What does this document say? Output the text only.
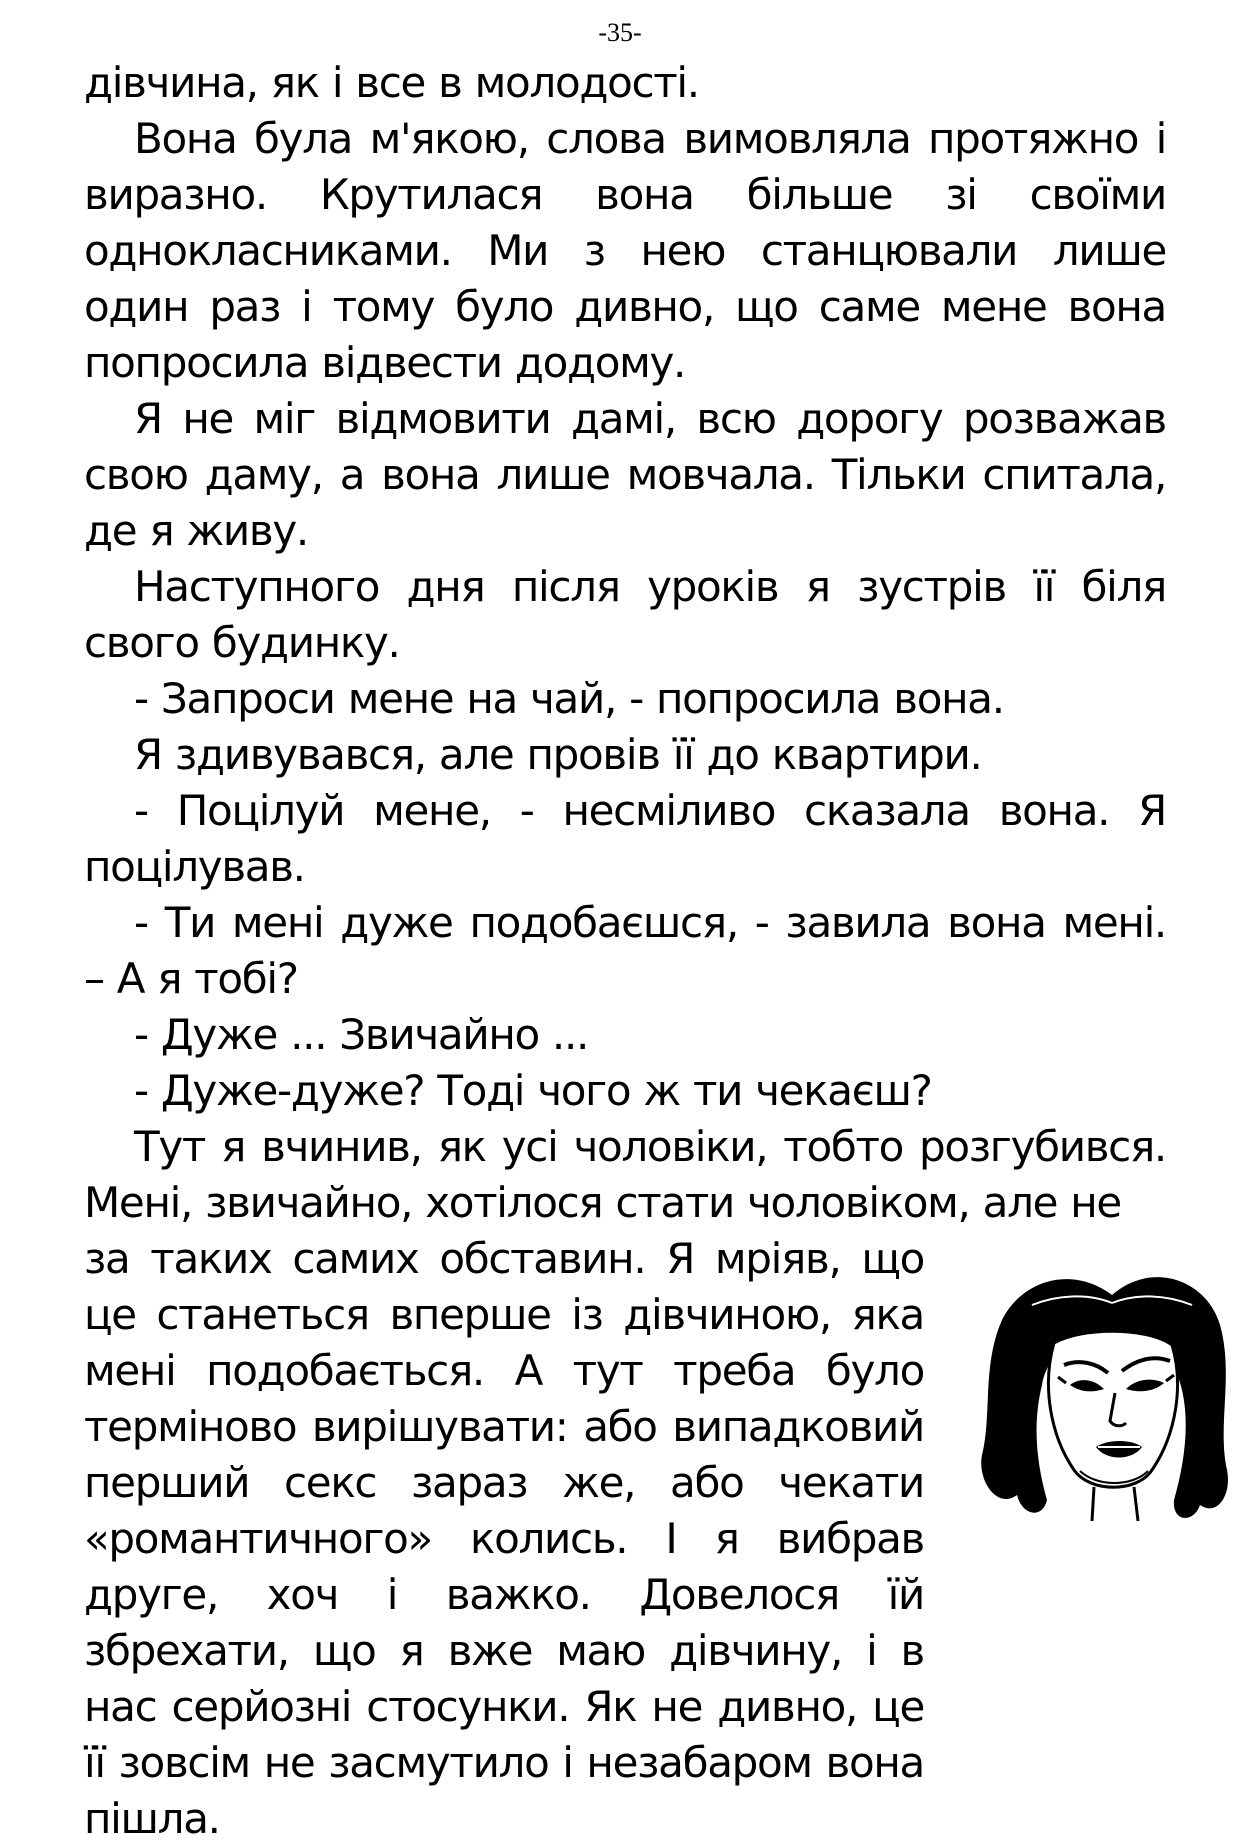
-35-

дівчина, як і все в молодості.

Вона була м'якою, слова вимовляла протяжно і виразно. Крутилася вона більше зі своїми однокласниками. Ми з нею станцювали лише один раз і тому було дивно, що саме мене вона попросила відвести додому.

Я не міг відмовити дамі, всю дорогу розважав свою даму, а вона лише мовчала. Тільки спитала, де я живу.

Наступного дня після уроків я зустрів її біля свого будинку.

- Запроси мене на чай, - попросила вона.

Я здивувався, але провів її до квартири.

- Поцілуй мене, - несміливо сказала вона. Я поцілував.

- Ти мені дуже подобаєшся, - завила вона мені. – А я тобі?

- Дуже ... Звичайно ...

- Дуже-дуже? Тоді чого ж ти чекаєш?

Тут я вчинив, як усі чоловіки, тобто розгубився. Мені, звичайно, хотілося стати чоловіком, але не

за таких самих обставин. Я мріяв, що це станеться вперше із дівчиною, яка мені подобається. А тут треба було терміново вирішувати: або випадковий перший секс зараз же, або чекати «романтичного» колись. І я вибрав друге, хоч і важко. Довелося їй збрехати, що я вже маю дівчину, і в нас серйозні стосунки. Як не дивно, це її зовсім не засмутило і незабаром вона пішла.
